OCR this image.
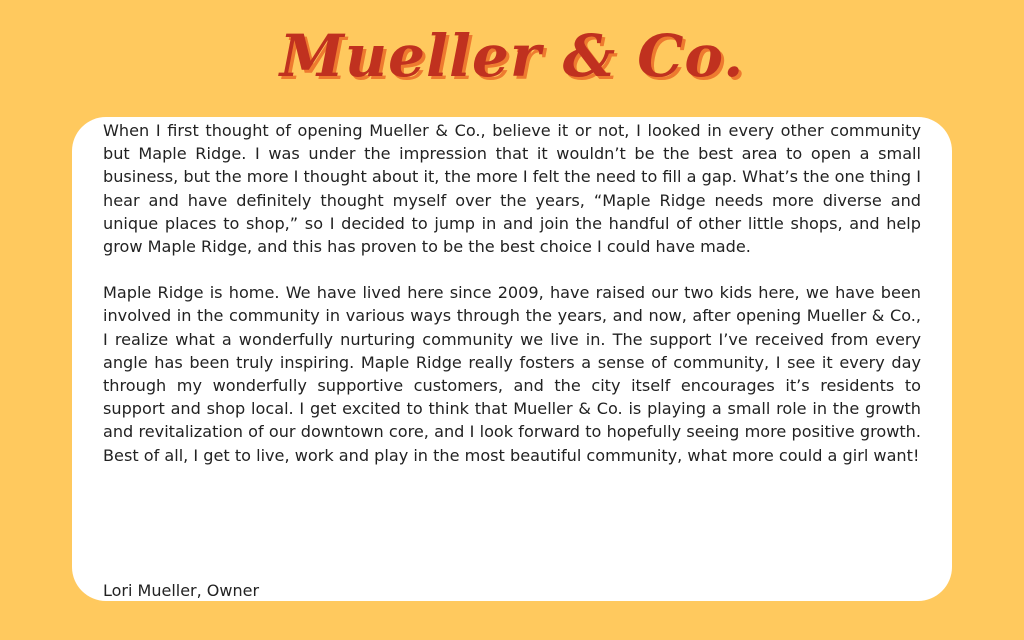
Mueller & Co.

When I first thought of opening Mueller & Co., believe it or not, I looked in every other community but Maple Ridge. I was under the impression that it wouldn’t be the best area to open a small business, but the more I thought about it, the more I felt the need to fill a gap. What’s the one thing I hear and have definitely thought myself over the years, “Maple Ridge needs more diverse and unique places to shop,” so I decided to jump in and join the handful of other little shops, and help grow Maple Ridge, and this has proven to be the best choice I could have made.

Maple Ridge is home. We have lived here since 2009, have raised our two kids here, we have been involved in the community in various ways through the years, and now, after opening Mueller & Co., I realize what a wonderfully nurturing community we live in. The support I’ve received from every angle has been truly inspiring. Maple Ridge really fosters a sense of community, I see it every day through my wonderfully supportive customers, and the city itself encourages it’s residents to support and shop local. I get excited to think that Mueller & Co. is playing a small role in the growth and revitalization of our downtown core, and I look forward to hopefully seeing more positive growth. Best of all, I get to live, work and play in the most beautiful community, what more could a girl want!

Lori Mueller, Owner
